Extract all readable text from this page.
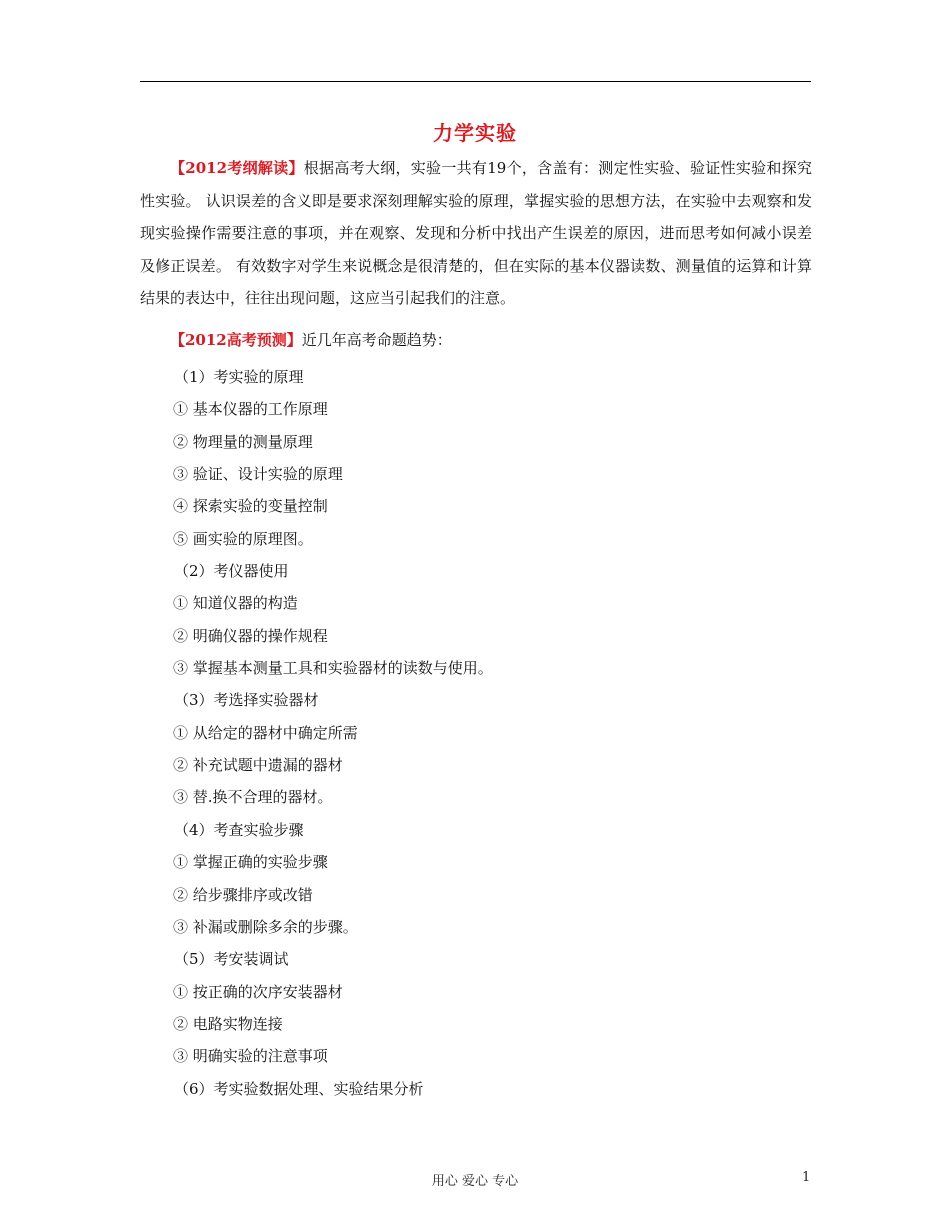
力学实验
【2012考纲解读】根据高考大纲，实验一共有19个，含盖有：测定性实验、验证性实验和探究性实验。 认识误差的含义即是要求深刻理解实验的原理，掌握实验的思想方法，在实验中去观察和发现实验操作需要注意的事项，并在观察、发现和分析中找出产生误差的原因，进而思考如何减小误差及修正误差。 有效数字对学生来说概念是很清楚的，但在实际的基本仪器读数、测量值的运算和计算结果的表达中，往往出现问题，这应当引起我们的注意。
【2012高考预测】近几年高考命题趋势：
（1）考实验的原理
① 基本仪器的工作原理
② 物理量的测量原理
③ 验证、设计实验的原理
④ 探索实验的变量控制
⑤ 画实验的原理图。
（2）考仪器使用
① 知道仪器的构造
② 明确仪器的操作规程
③ 掌握基本测量工具和实验器材的读数与使用。
（3）考选择实验器材
① 从给定的器材中确定所需
② 补充试题中遗漏的器材
③ 替.换不合理的器材。
（4）考查实验步骤
① 掌握正确的实验步骤
② 给步骤排序或改错
③ 补漏或删除多余的步骤。
（5）考安装调试
① 按正确的次序安装器材
② 电路实物连接
③ 明确实验的注意事项
（6）考实验数据处理、实验结果分析
用心 爱心 专心	1
